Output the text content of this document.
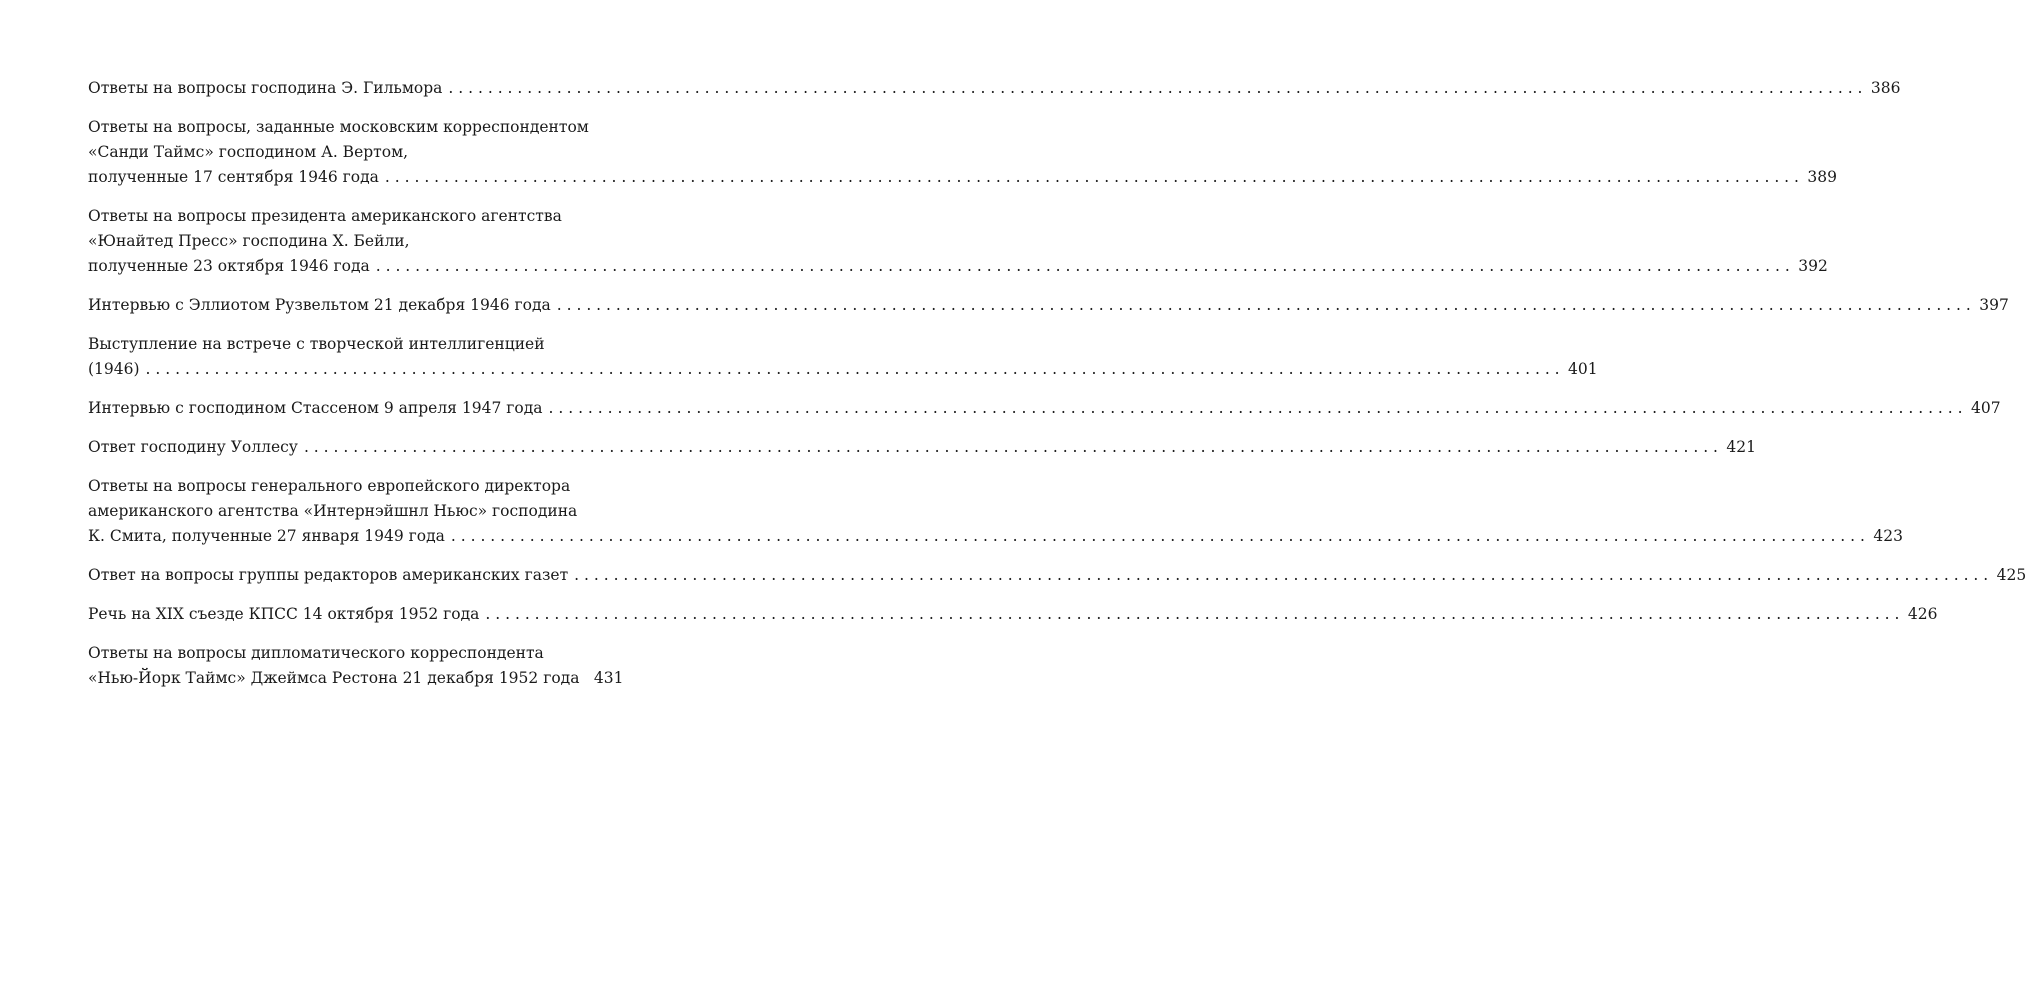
Ответы на вопросы господина Э. Гильмора . . .	386
Ответы на вопросы, заданные московским корреспондентом
«Санди Таймс» господином А. Вертом,
полученные 17 сентября 1946 года . . .	389
Ответы на вопросы президента американского агентства
«Юнайтед Пресс» господина Х. Бейли,
полученные 23 октября 1946 года . . .	392
Интервью с Эллиотом Рузвельтом 21 декабря 1946 года . . .	397
Выступление на встрече с творческой интеллигенцией
(1946) . . .	401
Интервью с господином Стассеном 9 апреля 1947 года . . .	407
Ответ господину Уоллесу . . .	421
Ответы на вопросы генерального европейского директора
американского агентства «Интернэйшнл Ньюс» господина
К. Смита, полученные 27 января 1949 года . . .	423
Ответ на вопросы группы редакторов американских газет . . .	425
Речь на XIX съезде КПСС 14 октября 1952 года . . .	426
Ответы на вопросы дипломатического корреспондента
«Нью-Йорк Таймс» Джеймса Рестона 21 декабря 1952 года 431
